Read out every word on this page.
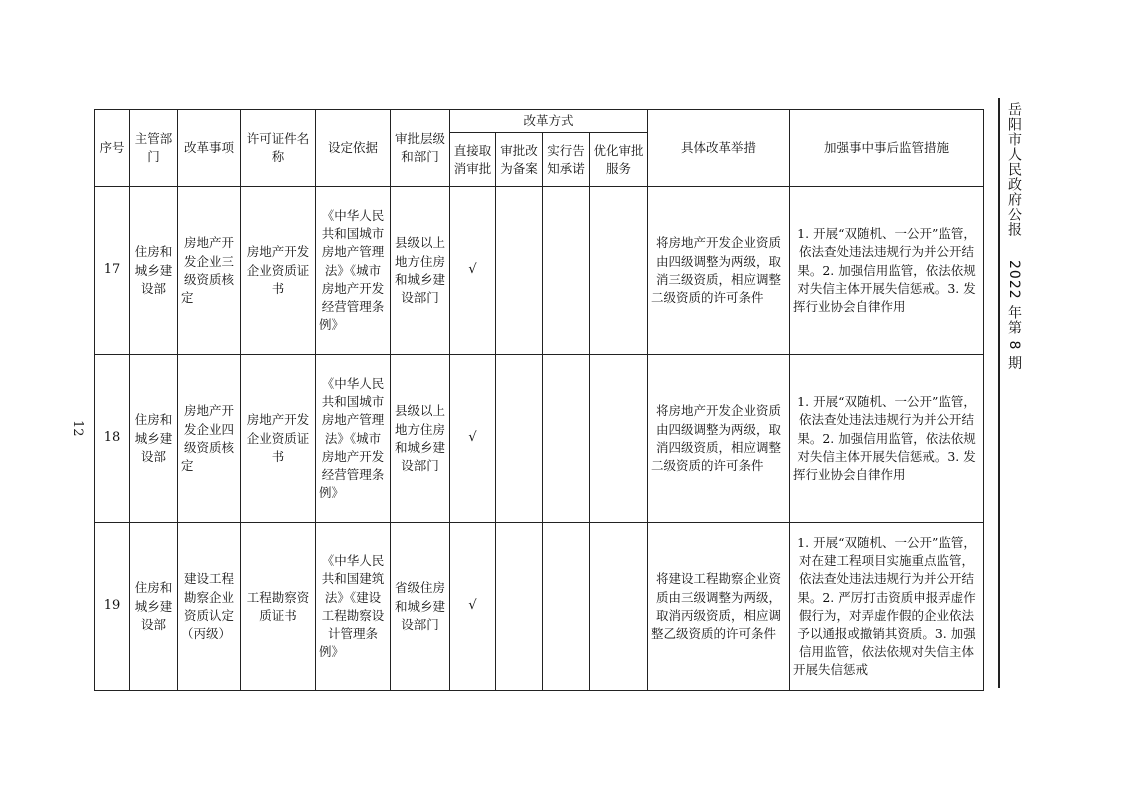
岳阳市人民政府公报 2022 年第 8 期
12
序号	主管部门	改革事项	许可证件名称	设定依据	审批层级和部门	改革方式				具体改革举措	加强事中事后监管措施
						直接取消审批	审批改为备案	实行告知承诺	优化审批服务		
17	住房和城乡建设部	房地产开发企业三级资质核定	房地产开发企业资质证书	《中华人民共和国城市房地产管理法》《城市房地产开发经营管理条例》	县级以上地方住房和城乡建设部门	√				将房地产开发企业资质由四级调整为两级，取消三级资质，相应调整二级资质的许可条件	1. 开展“双随机、一公开”监管，依法查处违法违规行为并公开结果。2. 加强信用监管，依法依规对失信主体开展失信惩戒。3. 发挥行业协会自律作用
18	住房和城乡建设部	房地产开发企业四级资质核定	房地产开发企业资质证书	《中华人民共和国城市房地产管理法》《城市房地产开发经营管理条例》	县级以上地方住房和城乡建设部门	√				将房地产开发企业资质由四级调整为两级，取消四级资质，相应调整二级资质的许可条件	1. 开展“双随机、一公开”监管，依法查处违法违规行为并公开结果。2. 加强信用监管，依法依规对失信主体开展失信惩戒。3. 发挥行业协会自律作用
19	住房和城乡建设部	建设工程勘察企业资质认定（丙级）	工程勘察资质证书	《中华人民共和国建筑法》《建设工程勘察设计管理条例》	省级住房和城乡建设部门	√				将建设工程勘察企业资质由三级调整为两级，取消丙级资质，相应调整乙级资质的许可条件	1. 开展“双随机、一公开”监管，对在建工程项目实施重点监管，依法查处违法违规行为并公开结果。2. 严厉打击资质申报弄虚作假行为，对弄虚作假的企业依法予以通报或撤销其资质。3. 加强信用监管，依法依规对失信主体开展失信惩戒
